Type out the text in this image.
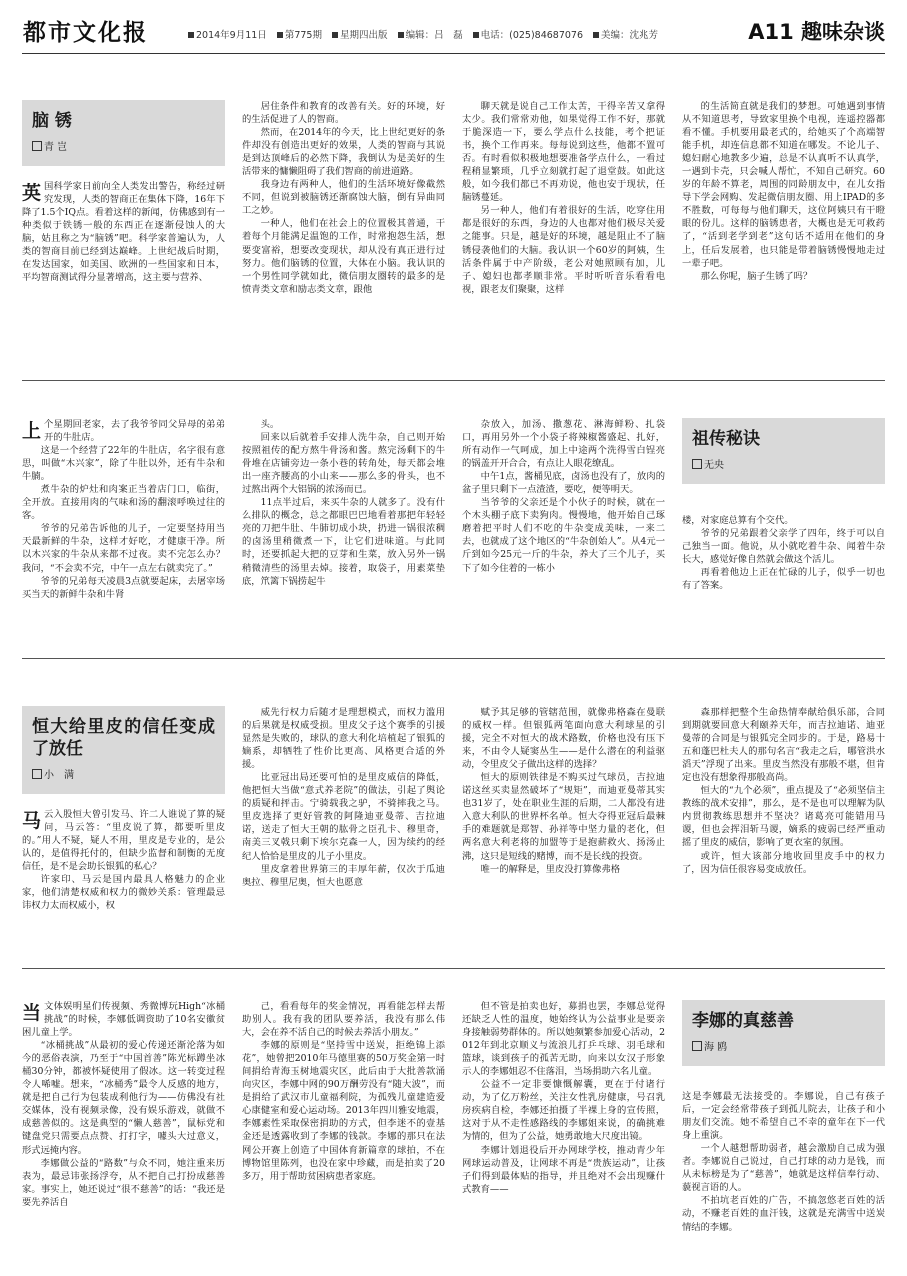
都市文化报	2014年9月11日 第775期 星期四出版 编辑：吕　磊 电话：(025)84687076 美编：沈兆芳	A11 趣味杂谈
脑 锈
青 岂
英 国科学家日前向全人类发出警告，称经过研究发现，人类的智商正在集体下降，16年下降了1.5个IQ点。看着这样的新闻，仿佛感到有一种类似于铁锈一般的东西正在逐渐侵蚀人的大脑，姑且称之为“脑锈”吧。科学家普遍认为，人类的智商目前已经到达巅峰。上世纪战后时期，在发达国家，如美国、欧洲的一些国家和日本，平均智商测试得分显著增高，这主要与营养、

居住条件和教育的改善有关。好的环境，好的生活促进了人的智商。

然而，在2014年的今天，比上世纪更好的条件却没有创造出更好的效果，人类的智商与其说是到达顶峰后的必然下降，我倒认为是美好的生活带来的慵懒阻碍了我们智商的前进道路。

我身边有两种人，他们的生活环境好像截然不同，但说到被脑锈还渐腐蚀大脑，倒有异曲同工之妙。

一种人，他们在社会上的位置极其普通，干着每个月能满足温饱的工作，时常抱怨生活，想要变富裕，想要改变现状，却从没有真正进行过努力。他们脑锈的位置，大体在小脑。我认识的一个男性同学就如此，微信朋友圈转的最多的是愤青类文章和励志类文章，跟他

聊天就是说自己工作太苦，干得辛苦又拿得太少。我们常常劝他，如果觉得工作不好，那就于脆深造一下，要么学点什么技能，考个把证书，换个工作再来。每每说到这些，他都不置可否。有时看似积极地想要准备学点什么，一看过程稍显繁琐，几乎立刻就打起了退堂鼓。如此这般，如今我们都已不再劝说，他也安于现状，任脑锈蔓延。

另一种人，他们有着很好的生活，吃穿住用都是很好的东西，身边的人也都对他们极尽关爱之能事。只是，越是好的环境，越是阻止不了脑锈侵袭他们的大脑。我认识一个60岁的阿姨，生活条件属于中产阶级，老公对她照顾有加，儿子、媳妇也都孝顺非常。平时听听音乐看看电视，跟老友们聚聚，这样

的生活简直就是我们的梦想。可她遇到事情从不知道思考，导致家里换个电视，连遥控器都看不懂。手机要用最老式的，给她买了个高端智能手机，却连信息都不知道在哪发。不论儿子、媳妇耐心地教多少遍，总是不认真听不认真学，一遇到卡壳，只会喊人帮忙，不知自己研究。60岁的年龄不算老，周围的同龄朋友中，在儿女指导下学会网购、发起微信朋友圈、用上IPAD的多不胜数，可每每与他们聊天，这位阿姨只有干瞪眼的份儿。这样的脑锈患者，大概也是无可救药了，“活到老学到老”这句话不适用在他们的身上，任后发展着，也只能是带着脑锈慢慢地走过一辈子吧。

那么你呢，脑子生锈了吗？

上 个星期回老家，去了我爷爷同父异母的弟弟开的牛肚店。

这是一个经营了22年的牛肚店，名字很有意思，叫做“木兴家”，除了牛肚以外，还有牛杂和牛腩。

煮牛杂的炉灶和肉案正当着店门口，临街，全开放。直接用肉的气味和汤的翻滚呼唤过往的客。

爷爷的兄弟告诉他的儿子，一定要坚持用当天最新鲜的牛杂，这样才好吃，才健康干净。所以木兴家的牛杂从来都不过夜。卖不完怎么办？我问，“不会卖不完，中午一点左右就卖完了。”

爷爷的兄弟每天凌晨3点就要起床，去屠宰场买当天的新鲜牛杂和牛肾

头。

回来以后就着手安排人洗牛杂，自己则开始按照祖传的配方熬牛骨汤和酱。熬完汤剩下的牛骨堆在店铺旁边一条小巷的转角处，每天都会堆出一座齐腰高的小山来——那么多的骨头，也不过熬出两个大铝锅的浓汤而已。

11点半过后，来买牛杂的人就多了。没有什么排队的概念，总之都眼巴巴地看着那把年轻轻亮的刀把牛肚、牛肺切成小块，扔进一锅很浓稠的卤汤里稍微煮一下，让它们进味道。与此同时，还要抓起大把的豆芽和生菜，放入另外一锅稍微清些的汤里去焯。接着，取袋子，用素菜垫底，笊篱下锅捞起牛

杂放入，加汤、撒葱花、淋海鲜粉、扎袋口，再用另外一个小袋子将辣椒酱盛起、扎好，所有动作一气呵成，加上中途两个洗得雪白锃亮的锅盖开开合合，有点让人眼花缭乱。

中午1点，酱桶见底，卤汤也没有了，放肉的盆子里只剩下一点渣渣，要吃，便等明天。

当爷爷的父亲还是个小伙子的时候，就在一个木头棚子底下卖狗肉。慢慢地，他开始自己琢磨着把平时人们不吃的牛杂变成美味，一来二去，也就成了这个地区的“牛杂创始人”。从4元一斤到如今25元一斤的牛杂，养大了三个儿子，买下了如今住着的一栋小

祖传秘诀
无央

楼，对家庭总算有个交代。

爷爷的兄弟跟着父亲学了四年，终于可以自己独当一面。他说，从小就吃着牛杂、闻着牛杂长大，感觉好像自然就会做这个活儿。

再看着他边上正在忙碌的儿子，似乎一切也有了答案。

恒大给里皮的信任变成了放任
小　满
马 云入股恒大曾引发马、许二人谁说了算的疑问，马云答：“里皮说了算，都要听里皮的。”用人不疑，疑人不用，里皮是专业的，是公认的，是值得托付的，但缺少监督和制衡的无度信任，是不是会助长银狐的私心？

许家印、马云是国内最具人格魅力的企业家，他们清楚权威和权力的微妙关系：管理最忌讳权力太而权威小，权

威先行权力后随才是理想模式，而权力滥用的后果就是权威受损。里皮父子这个赛季的引援显然是失败的，球队的意大利化培植起了银狐的嫡系，却牺牲了性价比更高、风格更合适的外援。

比亚冠出局还要可怕的是里皮威信的降低，他把恒大当做“意式养老院”的做法，引起了舆论的质疑和抨击。宁骑载我之驴，不骑摔我之马。里皮选择了更好管教的阿隆迪亚曼蒂、吉拉迪诺，送走了恒大王朝的肱骨之臣孔卡、穆里奇，南美三叉戟只剩下埃尔克森一人，因为续约的经纪人恰恰是里皮的儿子小里皮。

里皮拿着世界第三的丰厚年薪，仅次于瓜迪奥拉、穆里尼奥，恒大也愿意

赋予其足够的管辖范围，就像弗格森在曼联的威权一样。但银狐两笔面向意大利球星的引援，完全不对恒大的战术路数，价格也没有压下来，不由令人疑窦丛生——是什么潜在的利益驱动，令里皮父子做出这样的选择？

恒大的原则铁律是不购买过气球员，吉拉迪诺这丝买卖显然破坏了“规矩”，而迪亚曼蒂其实也31岁了，处在职业生涯的后期，二人都没有进入意大利队的世界杯名单。恒大夺得亚冠后最棘手的难题就是郑智、孙祥等中坚力量的老化，但两名意大利老将的加盟等于是抱薪救火、扬汤止沸，这只是短线的赌博，而不是长线的投资。

唯一的解释是，里皮没打算像弗格

森那样把整个生命热情奉献给俱乐部，合同到期就要回意大利颐养天年，而吉拉迪诺、迪亚曼蒂的合同是与银狐完全同步的。于是，路易十五和蓬巴杜夫人的那句名言“我走之后，哪管洪水滔天”浮现了出来。里皮当然没有那般不堪，但肯定也没有想象得那般高尚。

恒大的“九个必须”，重点提及了“必须坚信主教练的战术安排”，那么，是不是也可以理解为队内贯彻教练思想并不坚决？诸葛亮可能错用马谡，但也会挥泪斩马谡，嫡系的疲弱已经严重动摇了里皮的威信，影响了更衣室的氛围。

或许，恒大该部分地收回里皮手中的权力了，因为信任很容易变成放任。

当 文体娱明星们传视频、秀微博玩High“冰桶挑战”的时候，李娜低调资助了10名安徽贫困儿童上学。

“冰桶挑战”从最初的爱心传递还渐沦落为如今的恶俗表演，乃至于“中国首善”陈光标蹲坐冰桶30分钟，都被怀疑使用了假冰。这一转变过程令人唏嘘。想来，“冰桶秀”最令人反感的地方，就是把自己行为包装成利他行为——仿佛没有社交媒体，没有视频录像，没有娱乐游戏，就做不成慈善似的。这是典型的“懒人慈善”，鼠标党和键盘党只需要点点赞、打打字，噱头大过意义，形式远掩内容。

李娜做公益的“路数”与众不同，她注重来历表为，最忌讳张扬浮夸，从不把自己打扮成慈善家。事实上，她还说过“很不慈善”的话：“我还是要先养活自

己，看看每年的奖金情况，再看能怎样去帮助别人。我有我的团队要养活，我没有那么伟大，会在养不活自己的时候去养活小朋友。”

李娜的原则是“坚持雪中送炭，拒绝锦上添花”，她曾把2010年马德里赛的50万奖金第一时间捐给青海玉树地震灾区，此后由于大批善款涌向灾区，李娜中网的90万酬劳没有“随大波”，而是捐给了武汉市儿童福利院，为孤残儿童建造爱心康健室和爱心运动场。2013年四川雅安地震，李娜素性采取保密捐助的方式，但李迷不的壹基金还是透露收到了李娜的钱款。李娜的那只在法网公开赛上创造了中国体育新篇章的球拍，不在博物馆里陈列，也没在家中珍藏，而是拍卖了20多万，用于帮助贫困病患者家庭。

但不管是拍卖也好，募捐也罢，李娜总觉得还缺乏人性的温度，她始终认为公益事业是要亲身接触弱势群体的。所以她频繁参加爱心活动，2012年到北京顺义与流浪儿打乒乓球、羽毛球和篮球，谈到孩子的孤苦无助，向来以女汉子形象示人的李娜姐忍不住落泪，当场捐助六名儿童。

公益不一定非要慷慨解囊，更在于付诸行动，为了亿万粉丝，关注女性乳房健康，号召乳房疾病自检，李娜还拍摄了半裸上身的宣传照，这对于从不走性感路线的李娜姐来说，的确挑难为情的，但为了公益，她勇敢地大尺度出镜。

李娜计划退役后开办网球学校，推动青少年网球运动普及，让网球不再是“贵族运动”，让孩子们得到最体贴的指导，并且绝对不会出现赚什式教育——

李娜的真慈善
海 鸥

这是李娜最无法接受的。李娜说，自己有孩子后，一定会经常带孩子到孤儿院去，让孩子和小朋友们交流。她不希望自己不幸的童年在下一代身上重演。

一个人越想帮助弱者，越会激励自己成为强者。李娜说自己说过，自己打球的动力是钱，而从未标榜是为了“慈善”，她就是这样信奉行动、藐视言语的人。

不拍坑老百姓的广告，不搞忽悠老百姓的活动，不赚老百姓的血汗钱，这就是充满雪中送炭情结的李娜。
